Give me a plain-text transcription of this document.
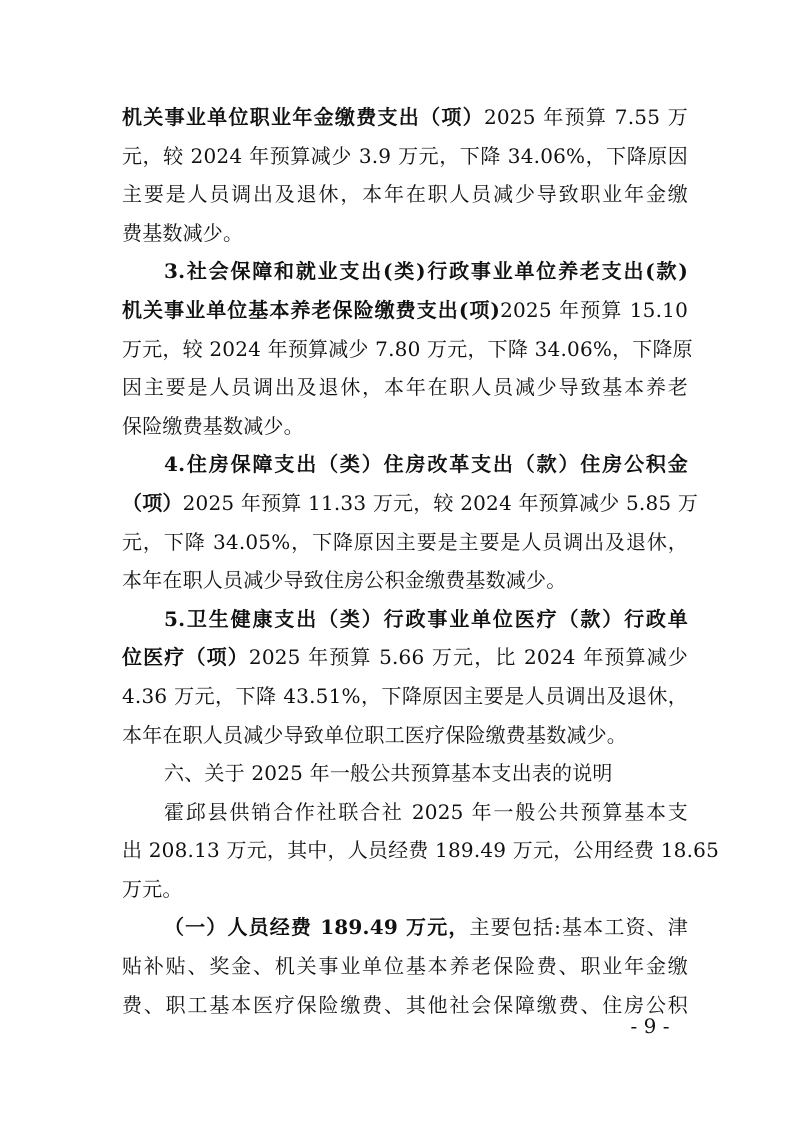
机关事业单位职业年金缴费支出（项）2025 年预算 7.55 万
元，较 2024 年预算减少 3.9 万元，下降 34.06%，下降原因
主要是人员调出及退休，本年在职人员减少导致职业年金缴
费基数减少。
3.社会保障和就业支出(类)行政事业单位养老支出(款)
机关事业单位基本养老保险缴费支出(项)2025 年预算 15.10
万元，较 2024 年预算减少 7.80 万元，下降 34.06%，下降原
因主要是人员调出及退休，本年在职人员减少导致基本养老
保险缴费基数减少。
4.住房保障支出（类）住房改革支出（款）住房公积金
（项）2025 年预算 11.33 万元，较 2024 年预算减少 5.85 万
元，下降 34.05%，下降原因主要是主要是人员调出及退休，
本年在职人员减少导致住房公积金缴费基数减少。
5.卫生健康支出（类）行政事业单位医疗（款）行政单
位医疗（项）2025 年预算 5.66 万元，比 2024 年预算减少
4.36 万元，下降 43.51%，下降原因主要是人员调出及退休，
本年在职人员减少导致单位职工医疗保险缴费基数减少。
六、关于 2025 年一般公共预算基本支出表的说明
霍邱县供销合作社联合社 2025 年一般公共预算基本支
出 208.13 万元，其中，人员经费 189.49 万元，公用经费 18.65
万元。
（一）人员经费 189.49 万元，主要包括:基本工资、津
贴补贴、奖金、机关事业单位基本养老保险费、职业年金缴
费、职工基本医疗保险缴费、其他社会保障缴费、住房公积
- 9 -
